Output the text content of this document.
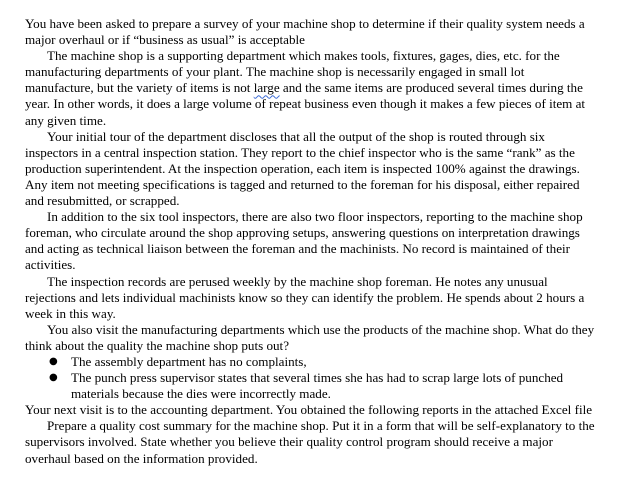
You have been asked to prepare a survey of your machine shop to determine if their quality system needs a major overhaul or if “business as usual” is acceptable

The machine shop is a supporting department which makes tools, fixtures, gages, dies, etc. for the manufacturing departments of your plant. The machine shop is necessarily engaged in small lot manufacture, but the variety of items is not large and the same items are produced several times during the year. In other words, it does a large volume of repeat business even though it makes a few pieces of item at any given time.

Your initial tour of the department discloses that all the output of the shop is routed through six inspectors in a central inspection station. They report to the chief inspector who is the same “rank” as the production superintendent. At the inspection operation, each item is inspected 100% against the drawings. Any item not meeting specifications is tagged and returned to the foreman for his disposal, either repaired and resubmitted, or scrapped.

In addition to the six tool inspectors, there are also two floor inspectors, reporting to the machine shop foreman, who circulate around the shop approving setups, answering questions on interpretation drawings and acting as technical liaison between the foreman and the machinists. No record is maintained of their activities.

The inspection records are perused weekly by the machine shop foreman. He notes any unusual rejections and lets individual machinists know so they can identify the problem. He spends about 2 hours a week in this way.

You also visit the manufacturing departments which use the products of the machine shop. What do they think about the quality the machine shop puts out?

● The assembly department has no complaints,
● The punch press supervisor states that several times she has had to scrap large lots of punched materials because the dies were incorrectly made.

Your next visit is to the accounting department. You obtained the following reports in the attached Excel file

Prepare a quality cost summary for the machine shop. Put it in a form that will be self-explanatory to the supervisors involved. State whether you believe their quality control program should receive a major overhaul based on the information provided.
